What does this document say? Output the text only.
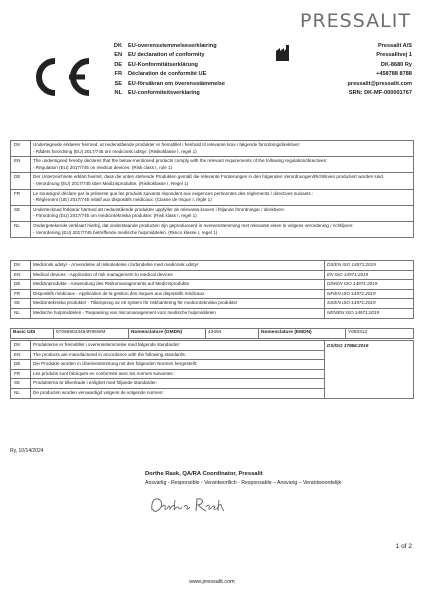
PRESSALIT
DK EU-overensstemmelseserklæring
EN EU declaration of conformity
DE EU-Konformitätserklärung
FR Déclaration de conformité UE
SE EU-försäkran om överensstämmelse
NL EU-conformiteitsverklaring
Pressalit A/S
Pressalitvej 1
DK-8680 Ry
+458788 8788
pressalit@pressalit.com
SRN: DK-MF-000001767
DK	Undertegnede erklærer hermed, at nedenstående produkter er fremstillet i henhold til relevante krav i følgende forordning/direktiver:
- Rådets forordning (EU) 2017/745 om medicinsk udstyr. (Risikoklasse I, regel 1)

EN	The undersigned hereby declares that the below-mentioned products comply with the relevant requirements of the following regulation/directives:
- Regulation (EU) 2017/745 on medical devices. (Risk class I, rule 1)

DE	Der Unterzeichnete erklärt hiermit, dass die unten stehende Produkten gemäß die relevante Forderungen in den folgenden Verordnungen/Richtlinien produziert worden sind.
- Verordnung (EU) 2017/745 über Medizinprodukte. (Risikoklasse I, Regel 1)

FR	Le soussigné déclare par la présente que les produits suivants répondent aux exigences pertinentes des règlements / directives suivants :
- Règlement (UE) 2017/745 relatif aux dispositifs médicaux. (Classe de risque I, règle 1)

SE	Undertecknad förklarar härmed att nedanstående produkter uppfyller de relevanta kraven i följande förordningar / direktiven:
- Förordning (EU) 2017/745 om medicintekniska produkter. (Risk klass I, regel 1)

NL	Ondergetekende verklaart hierbij, dat onderstaande producten zijn geproduceerd in overeenstemming met relevante eisen in volgens verordening / richtlijnen:
- Verordening (EU) 2017/745 betreffende medische hulpmiddelen. (Risico klasse I, regel 1)
DK	Medicinsk udstyr - Anvendelse af risikoledelse i forbindelse med medicinsk udstyr	DS/EN ISO 14971:2019
EN	Medical devices - Application of risk management to medical devices	EN ISO 14971:2019
DE	Medizinprodukte - Anwendung des Risikomanagements auf Medizinprodukte	DIN/EN ISO 14971:2019
FR	Dispositifs médicaux - Application de la gestion des risques aux dispositifs médicaux	NF/EN ISO 14971:2019
SE	Medicintekniska produkter - Tillämpning av ett system för riskhantering för medicintekniska produkter	SS/EN ISO 14971:2019
NL	Medische hulpmiddelen - Toepassing van risicomanagement voor medische hulpmiddelen	NEN/EN ISO 14971:2019
Basic UDI	570859043494R95WM	Nomenclature (GMDN)	43494	Nomenclature (EMDN)	Y093312
DK	Produkterne er fremstillet i overensstemmelse med følgende standarder:	DS/ISO 17966:2016
EN	The products are manufactured in accordance with the following standards:	
DE	Die Produkte worden in Übereinstimmung mit den folgenden Normen hergestellt:	
FR	Les produits sont fabriqués en conformité avec les normes suivantes :	
SE	Produkterna är tillverkade i enlighet med följande standarder:	
NL	De producten worden vervaardigd volgens de volgende normen:	
Ry, 10/14/2024
Dorthe Rask, QA/RA Coordinator, Pressalit
Ansvarlig - Responsible - Verantwortlich - Responsable – Ansvarig – Verantwoordelijk
1 of 2
www.pressalit.com
